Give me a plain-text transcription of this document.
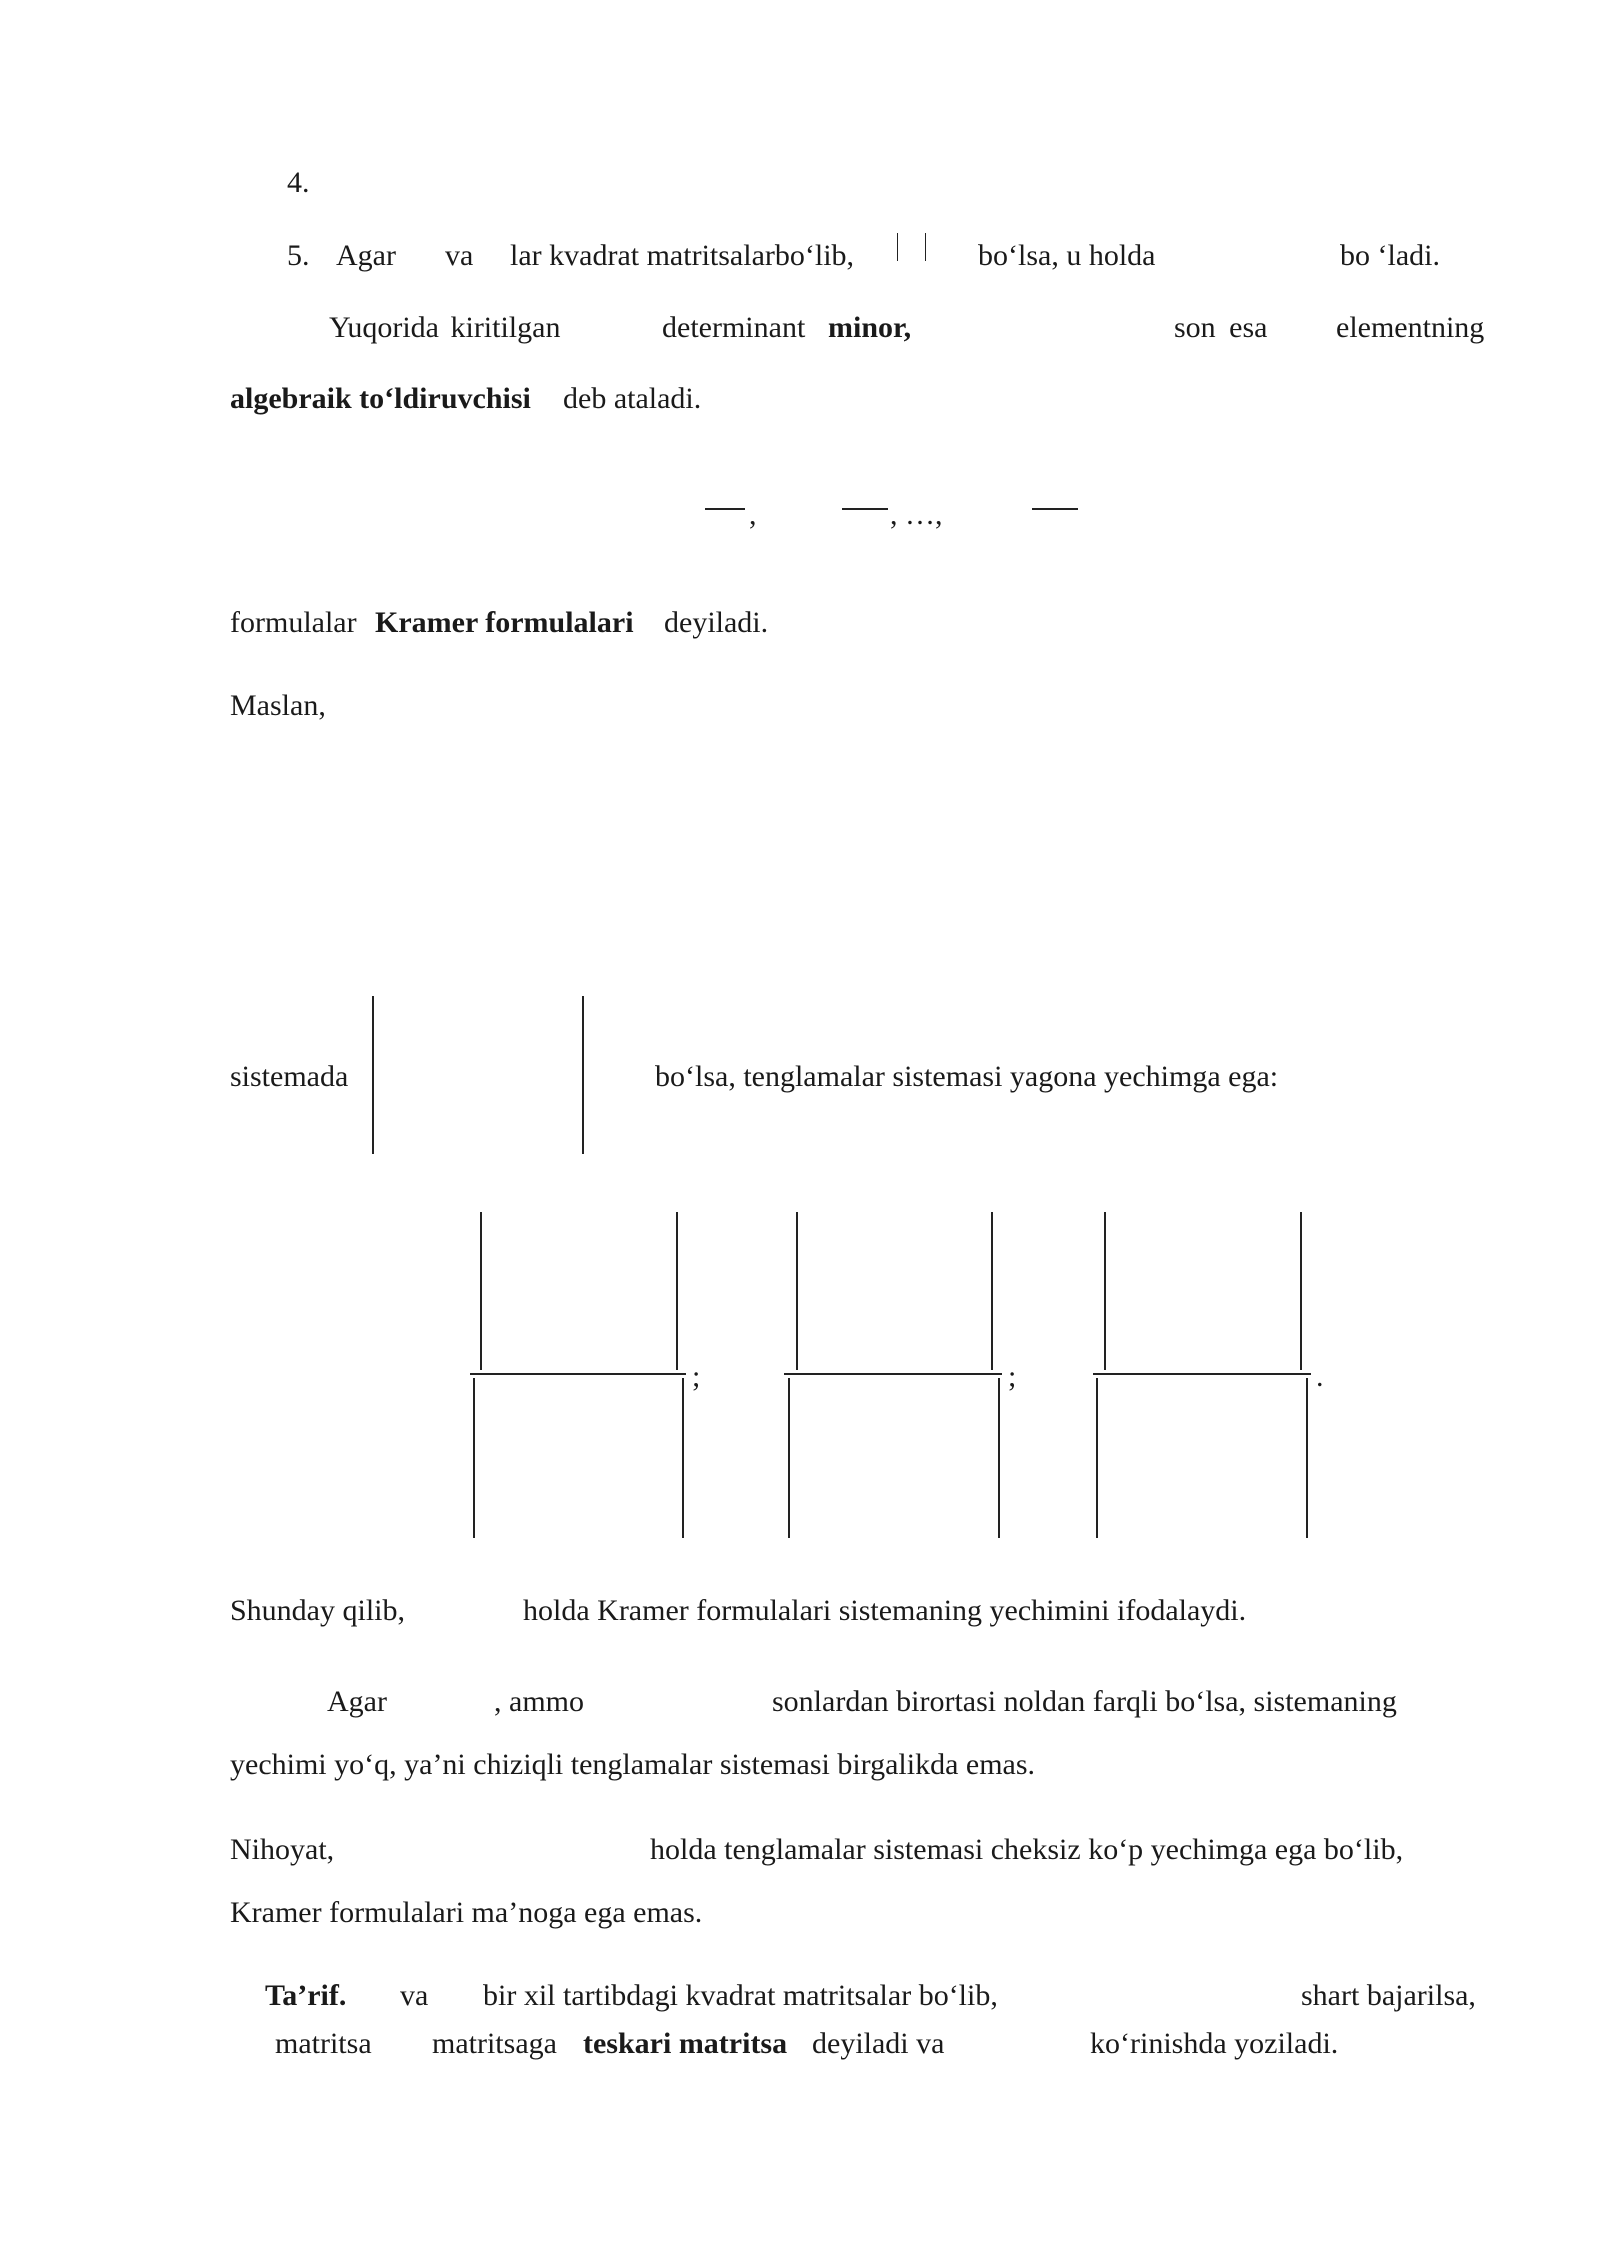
4.
5. Agar va lar kvadrat matritsalarbo‘lib,	bo‘lsa, u holda	bo ‘ladi.
Yuqorida kiritilgan	determinant minor,	son esa elementning
algebraik to‘ldiruvchisi deb ataladi.
,	, …,
formulalar Kramer formulalari deyiladi.
Maslan,
sistemada	bo‘lsa, tenglamalar sistemasi yagona yechimga ega:
;	;	.
Shunday qilib,	holda Kramer formulalari sistemaning yechimini ifodalaydi.
Agar	, ammo	sonlardan birortasi noldan farqli bo‘lsa, sistemaning
yechimi yo‘q, ya’ni chiziqli tenglamalar sistemasi birgalikda emas.
Nihoyat,	holda tenglamalar sistemasi cheksiz ko‘p yechimga ega bo‘lib,
Kramer formulalari ma’noga ega emas.
Ta’rif. va bir xil tartibdagi kvadrat matritsalar bo‘lib,	shart bajarilsa,
matritsa matritsaga teskari matritsa deyiladi va	ko‘rinishda yoziladi.
